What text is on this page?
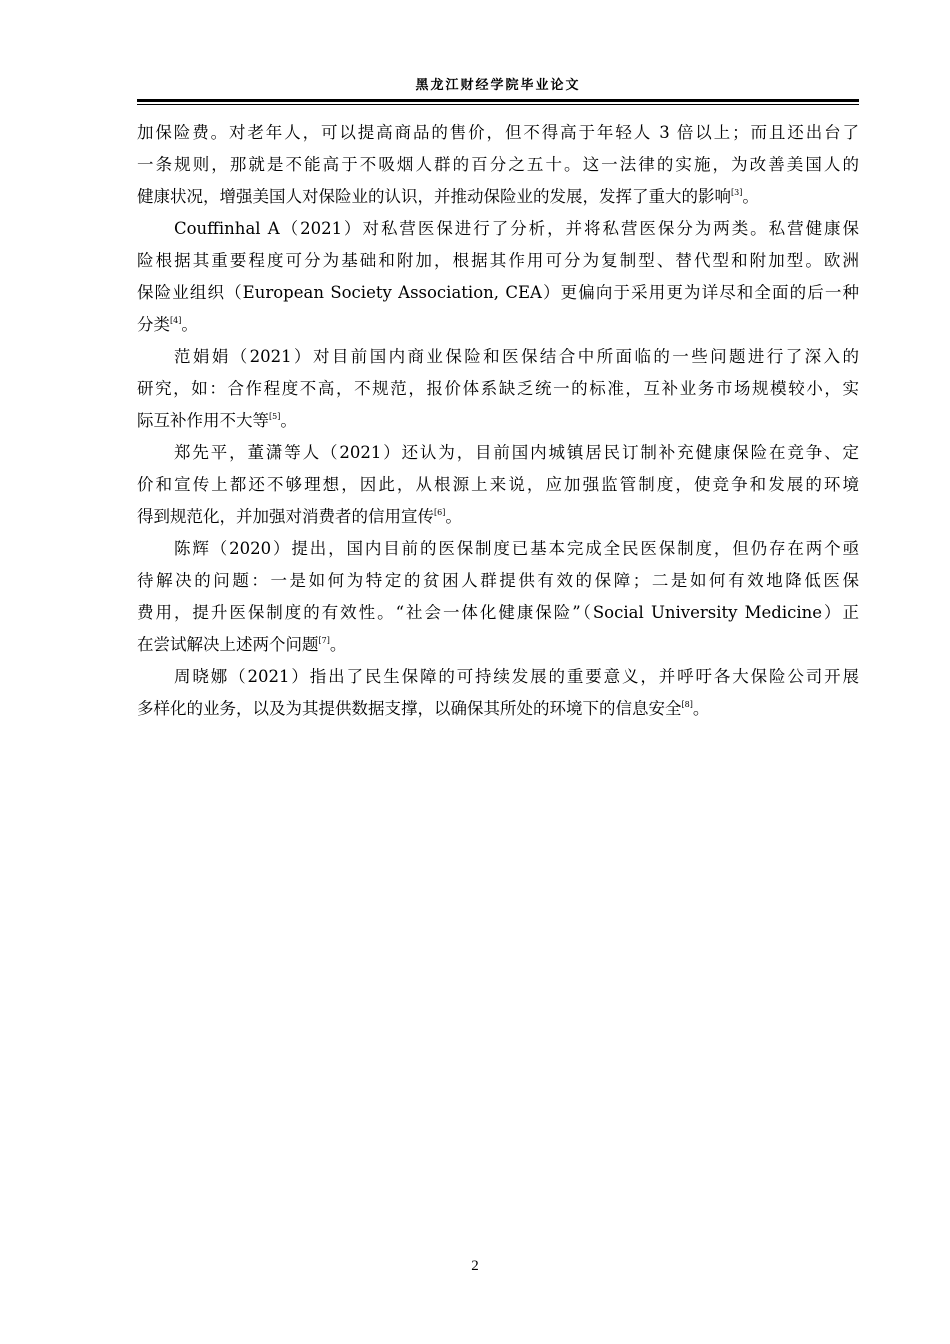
黑龙江财经学院毕业论文
加保险费。对老年人，可以提高商品的售价，但不得高于年轻人 3 倍以上；而且还出台了
一条规则，那就是不能高于不吸烟人群的百分之五十。这一法律的实施，为改善美国人的
健康状况，增强美国人对保险业的认识，并推动保险业的发展，发挥了重大的影响[3]。
Couffinhal A（2021）对私营医保进行了分析，并将私营医保分为两类。私营健康保
险根据其重要程度可分为基础和附加，根据其作用可分为复制型、替代型和附加型。欧洲
保险业组织（European Society Association, CEA）更偏向于采用更为详尽和全面的后一种
分类[4]。
范娟娟（2021）对目前国内商业保险和医保结合中所面临的一些问题进行了深入的
研究，如：合作程度不高，不规范，报价体系缺乏统一的标准，互补业务市场规模较小，实
际互补作用不大等[5]。
郑先平，董潇等人（2021）还认为，目前国内城镇居民订制补充健康保险在竞争、定
价和宣传上都还不够理想，因此，从根源上来说，应加强监管制度，使竞争和发展的环境
得到规范化，并加强对消费者的信用宣传[6]。
陈辉（2020）提出，国内目前的医保制度已基本完成全民医保制度，但仍存在两个亟
待解决的问题：一是如何为特定的贫困人群提供有效的保障；二是如何有效地降低医保
费用，提升医保制度的有效性。“社会一体化健康保险”（Social University Medicine）正
在尝试解决上述两个问题[7]。
周晓娜（2021）指出了民生保障的可持续发展的重要意义，并呼吁各大保险公司开展
多样化的业务，以及为其提供数据支撑，以确保其所处的环境下的信息安全[8]。
2
